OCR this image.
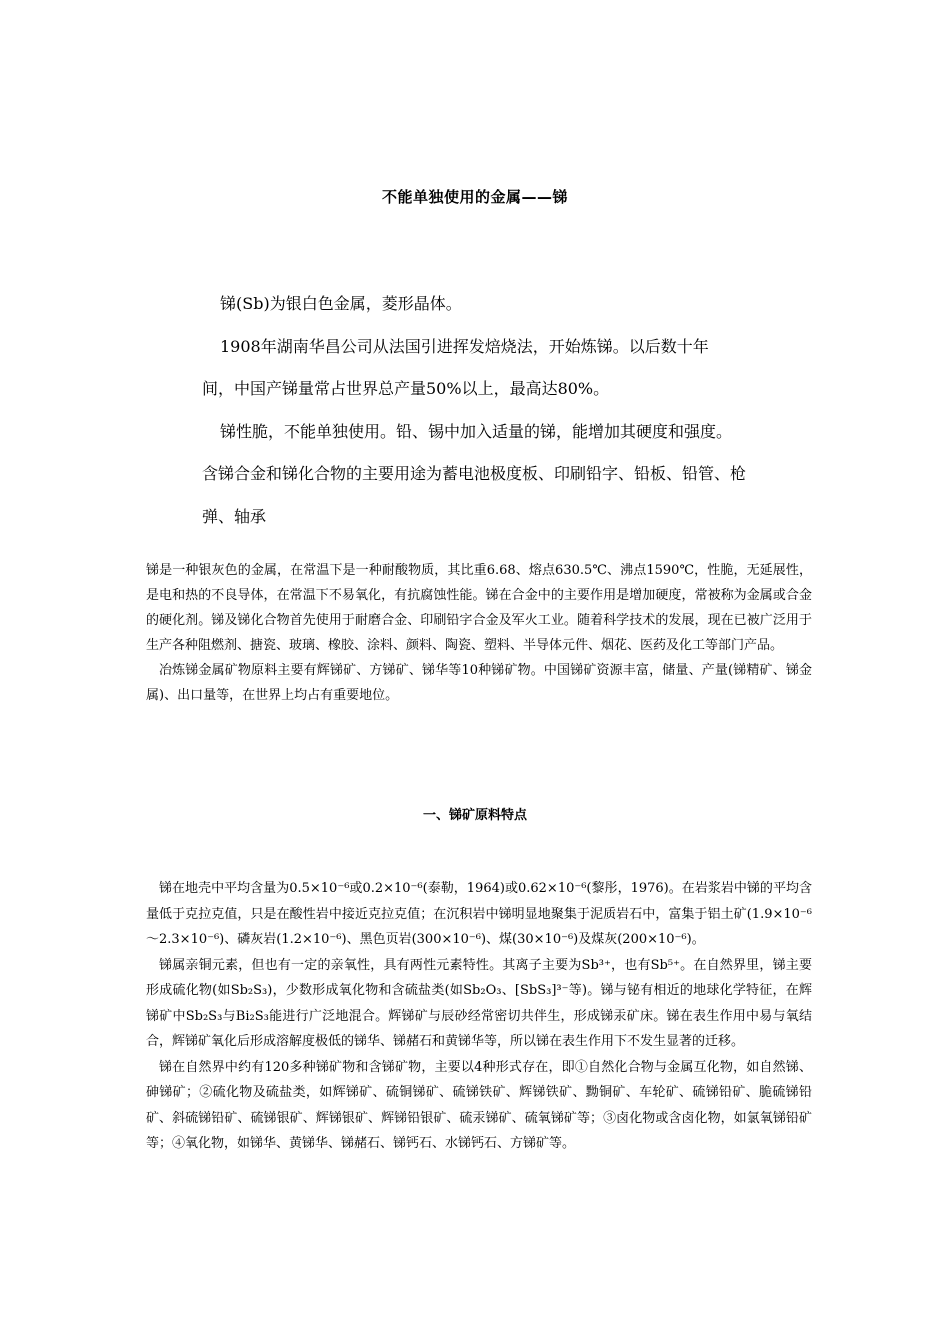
不能单独使用的金属——锑

锑(Sb)为银白色金属，菱形晶体。

1908年湖南华昌公司从法国引进挥发焙烧法，开始炼锑。以后数十年

间，中国产锑量常占世界总产量50%以上，最高达80%。

锑性脆，不能单独使用。铅、锡中加入适量的锑，能增加其硬度和强度。

含锑合金和锑化合物的主要用途为蓄电池极度板、印刷铅字、铅板、铅管、枪弹、轴承

锑是一种银灰色的金属，在常温下是一种耐酸物质，其比重6.68、熔点630.5℃、沸点1590℃，性脆，无延展性，是电和热的不良导体，在常温下不易氧化，有抗腐蚀性能。锑在合金中的主要作用是增加硬度，常被称为金属或合金的硬化剂。锑及锑化合物首先使用于耐磨合金、印刷铅字合金及军火工业。随着科学技术的发展，现在已被广泛用于生产各种阻燃剂、搪瓷、玻璃、橡胶、涂料、颜料、陶瓷、塑料、半导体元件、烟花、医药及化工等部门产品。

冶炼锑金属矿物原料主要有辉锑矿、方锑矿、锑华等10种锑矿物。中国锑矿资源丰富，储量、产量(锑精矿、锑金属)、出口量等，在世界上均占有重要地位。

一、锑矿原料特点

锑在地壳中平均含量为0.5×10⁻⁶或0.2×10⁻⁶(泰勒，1964)或0.62×10⁻⁶(黎彤，1976)。在岩浆岩中锑的平均含量低于克拉克值，只是在酸性岩中接近克拉克值；在沉积岩中锑明显地聚集于泥质岩石中，富集于铝土矿(1.9×10⁻⁶～2.3×10⁻⁶)、磷灰岩(1.2×10⁻⁶)、黑色页岩(300×10⁻⁶)、煤(30×10⁻⁶)及煤灰(200×10⁻⁶)。

锑属亲铜元素，但也有一定的亲氧性，具有两性元素特性。其离子主要为Sb³⁺，也有Sb⁵⁺。在自然界里，锑主要形成硫化物(如Sb₂S₃)，少数形成氧化物和含硫盐类(如Sb₂O₃、[SbS₃]³⁻等)。锑与铋有相近的地球化学特征，在辉锑矿中Sb₂S₃与Bi₂S₃能进行广泛地混合。辉锑矿与辰砂经常密切共伴生，形成锑汞矿床。锑在表生作用中易与氧结合，辉锑矿氧化后形成溶解度极低的锑华、锑赭石和黄锑华等，所以锑在表生作用下不发生显著的迁移。

锑在自然界中约有120多种锑矿物和含锑矿物，主要以4种形式存在，即①自然化合物与金属互化物，如自然锑、砷锑矿；②硫化物及硫盐类，如辉锑矿、硫铜锑矿、硫锑铁矿、辉锑铁矿、黝铜矿、车轮矿、硫锑铅矿、脆硫锑铅矿、斜硫锑铅矿、硫锑银矿、辉锑银矿、辉锑铅银矿、硫汞锑矿、硫氧锑矿等；③卤化物或含卤化物，如氯氧锑铅矿等；④氧化物，如锑华、黄锑华、锑赭石、锑钙石、水锑钙石、方锑矿等。
